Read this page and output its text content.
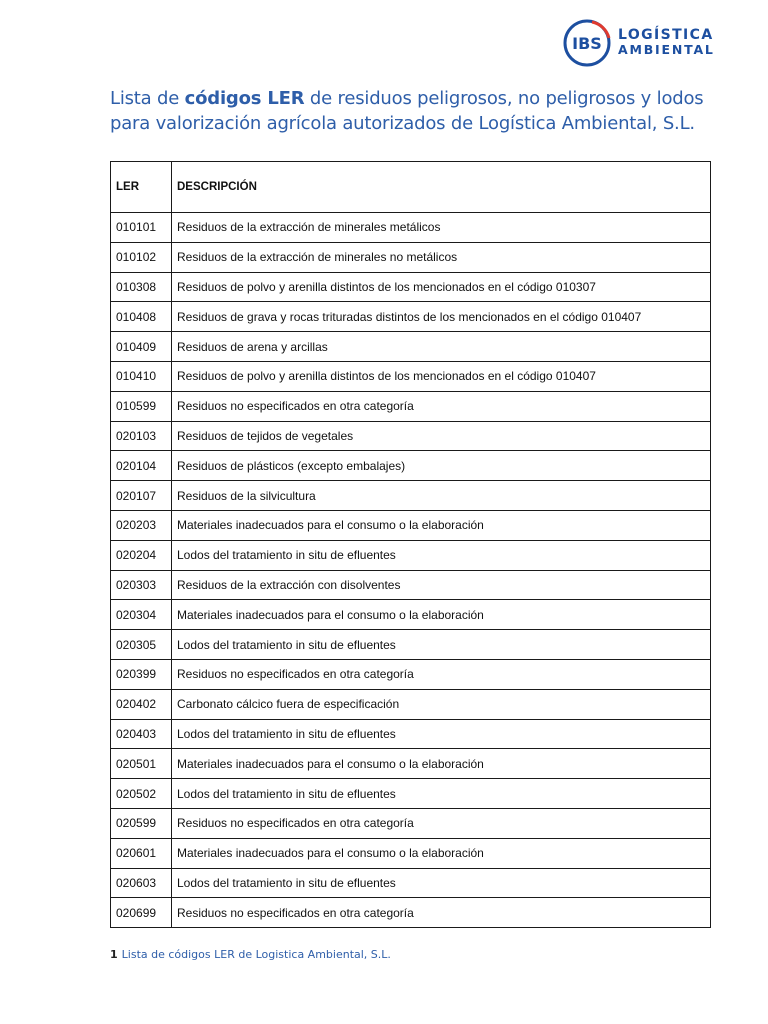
IBS LOGÍSTICA
AMBIENTAL
Lista de códigos LER de residuos peligrosos, no peligrosos y lodos para valorización agrícola autorizados de Logística Ambiental, S.L.
LER	DESCRIPCIÓN
010101	Residuos de la extracción de minerales metálicos
010102	Residuos de la extracción de minerales no metálicos
010308	Residuos de polvo y arenilla distintos de los mencionados en el código 010307
010408	Residuos de grava y rocas trituradas distintos de los mencionados en el código 010407
010409	Residuos de arena y arcillas
010410	Residuos de polvo y arenilla distintos de los mencionados en el código 010407
010599	Residuos no especificados en otra categoría
020103	Residuos de tejidos de vegetales
020104	Residuos de plásticos (excepto embalajes)
020107	Residuos de la silvicultura
020203	Materiales inadecuados para el consumo o la elaboración
020204	Lodos del tratamiento in situ de efluentes
020303	Residuos de la extracción con disolventes
020304	Materiales inadecuados para el consumo o la elaboración
020305	Lodos del tratamiento in situ de efluentes
020399	Residuos no especificados en otra categoría
020402	Carbonato cálcico fuera de especificación
020403	Lodos del tratamiento in situ de efluentes
020501	Materiales inadecuados para el consumo o la elaboración
020502	Lodos del tratamiento in situ de efluentes
020599	Residuos no especificados en otra categoría
020601	Materiales inadecuados para el consumo o la elaboración
020603	Lodos del tratamiento in situ de efluentes
020699	Residuos no especificados en otra categoría
1 Lista de códigos LER de Logistica Ambiental, S.L.
